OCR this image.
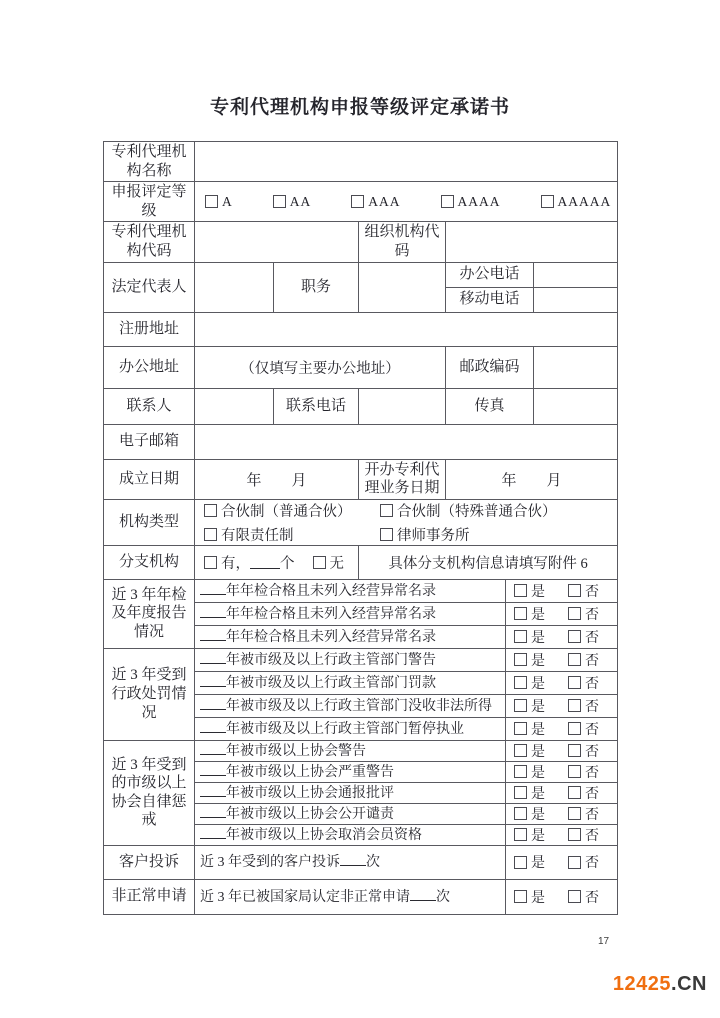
专利代理机构申报等级评定承诺书
专利代理机构名称						
申报评定等级	A AA AAA AAAA AAAAA					

专利代理机构代码			组织机构代码			
法定代表人		职务		办公电话		
				移动电话		
注册地址						
办公地址	（仅填写主要办公地址）			邮政编码		
联系人		联系电话		传真		
电子邮箱						
成立日期	年 月		开办专利代理业务日期	年 月		

机构类型	合伙制（普通合伙） 合伙制（特殊普通合伙）
有限责任制 律师事务所					

分支机构	有， 个 无		具体分支机构信息请填写附件 6			
近 3 年年检及年度报告情况	年年检合格且未列入经营异常名录				是 否	

	年年检合格且未列入经营异常名录				是 否	

	年年检合格且未列入经营异常名录				是 否	

近 3 年受到行政处罚情况	年被市级及以上行政主管部门警告				是 否	

	年被市级及以上行政主管部门罚款				是 否	

	年被市级及以上行政主管部门没收非法所得				是 否	

	年被市级及以上行政主管部门暂停执业				是 否	

近 3 年受到的市级以上协会自律惩戒	年被市级以上协会警告				是 否	

	年被市级以上协会严重警告				是 否	

	年被市级以上协会通报批评				是 否	

	年被市级以上协会公开谴责				是 否	

	年被市级以上协会取消会员资格				是 否	

客户投诉	近 3 年受到的客户投诉 次				是 否	

非正常申请	近 3 年已被国家局认定非正常申请 次				是 否	
17
12425.CN
